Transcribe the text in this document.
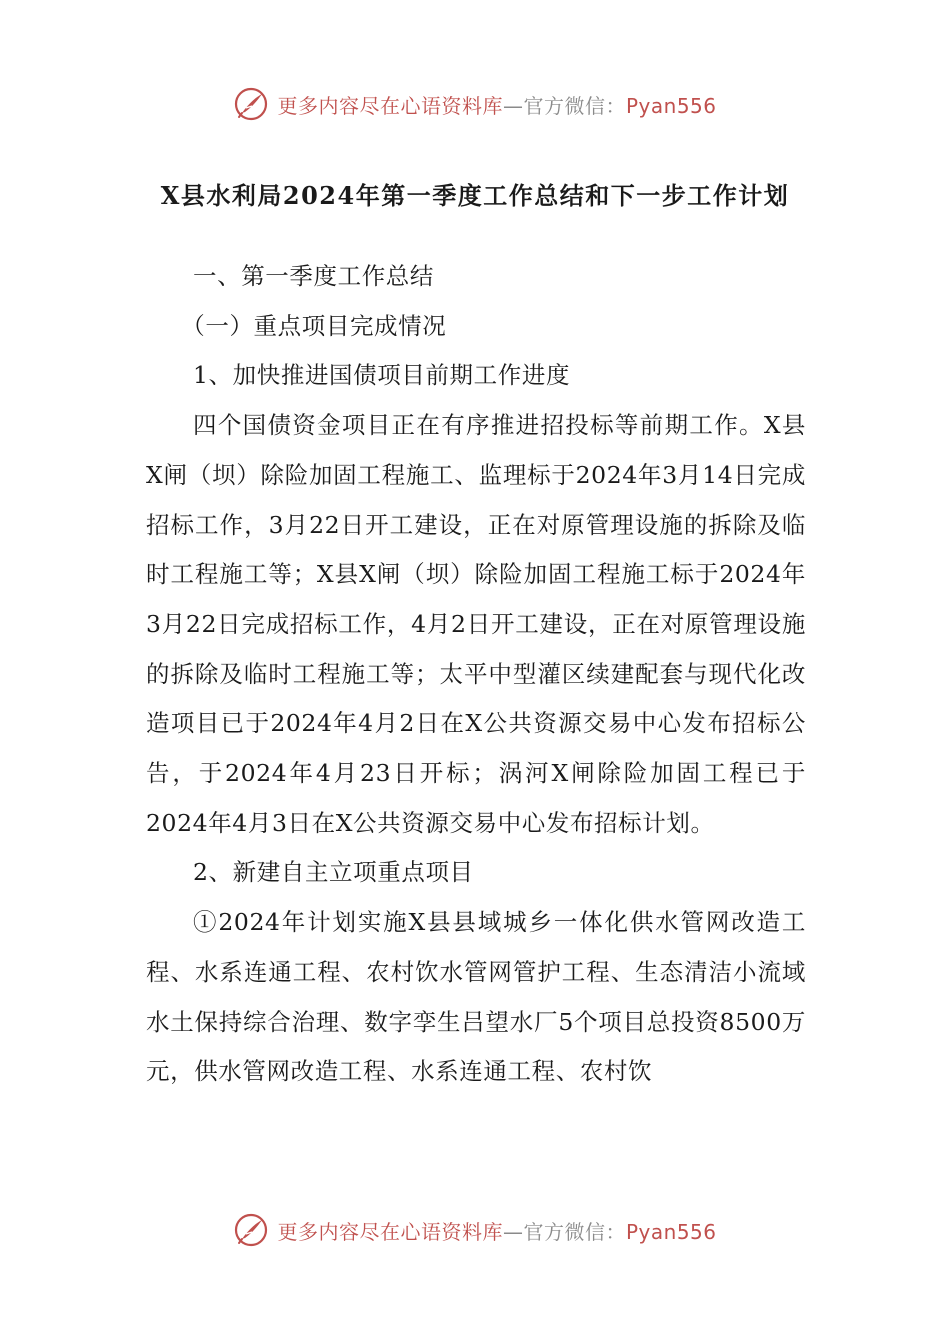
更多内容尽在心语资料库—官方微信：Pyan556
X县水利局2024年第一季度工作总结和下一步工作计划

一、第一季度工作总结

（一）重点项目完成情况

1、加快推进国债项目前期工作进度

四个国债资金项目正在有序推进招投标等前期工作。X县X闸（坝）除险加固工程施工、监理标于2024年3月14日完成招标工作，3月22日开工建设，正在对原管理设施的拆除及临时工程施工等；X县X闸（坝）除险加固工程施工标于2024年3月22日完成招标工作，4月2日开工建设，正在对原管理设施的拆除及临时工程施工等；太平中型灌区续建配套与现代化改造项目已于2024年4月2日在X公共资源交易中心发布招标公告，于2024年4月23日开标；涡河X闸除险加固工程已于2024年4月3日在X公共资源交易中心发布招标计划。

2、新建自主立项重点项目

①2024年计划实施X县县域城乡一体化供水管网改造工程、水系连通工程、农村饮水管网管护工程、生态清洁小流域水土保持综合治理、数字孪生吕望水厂5个项目总投资8500万元，供水管网改造工程、水系连通工程、农村饮

更多内容尽在心语资料库—官方微信：Pyan556
